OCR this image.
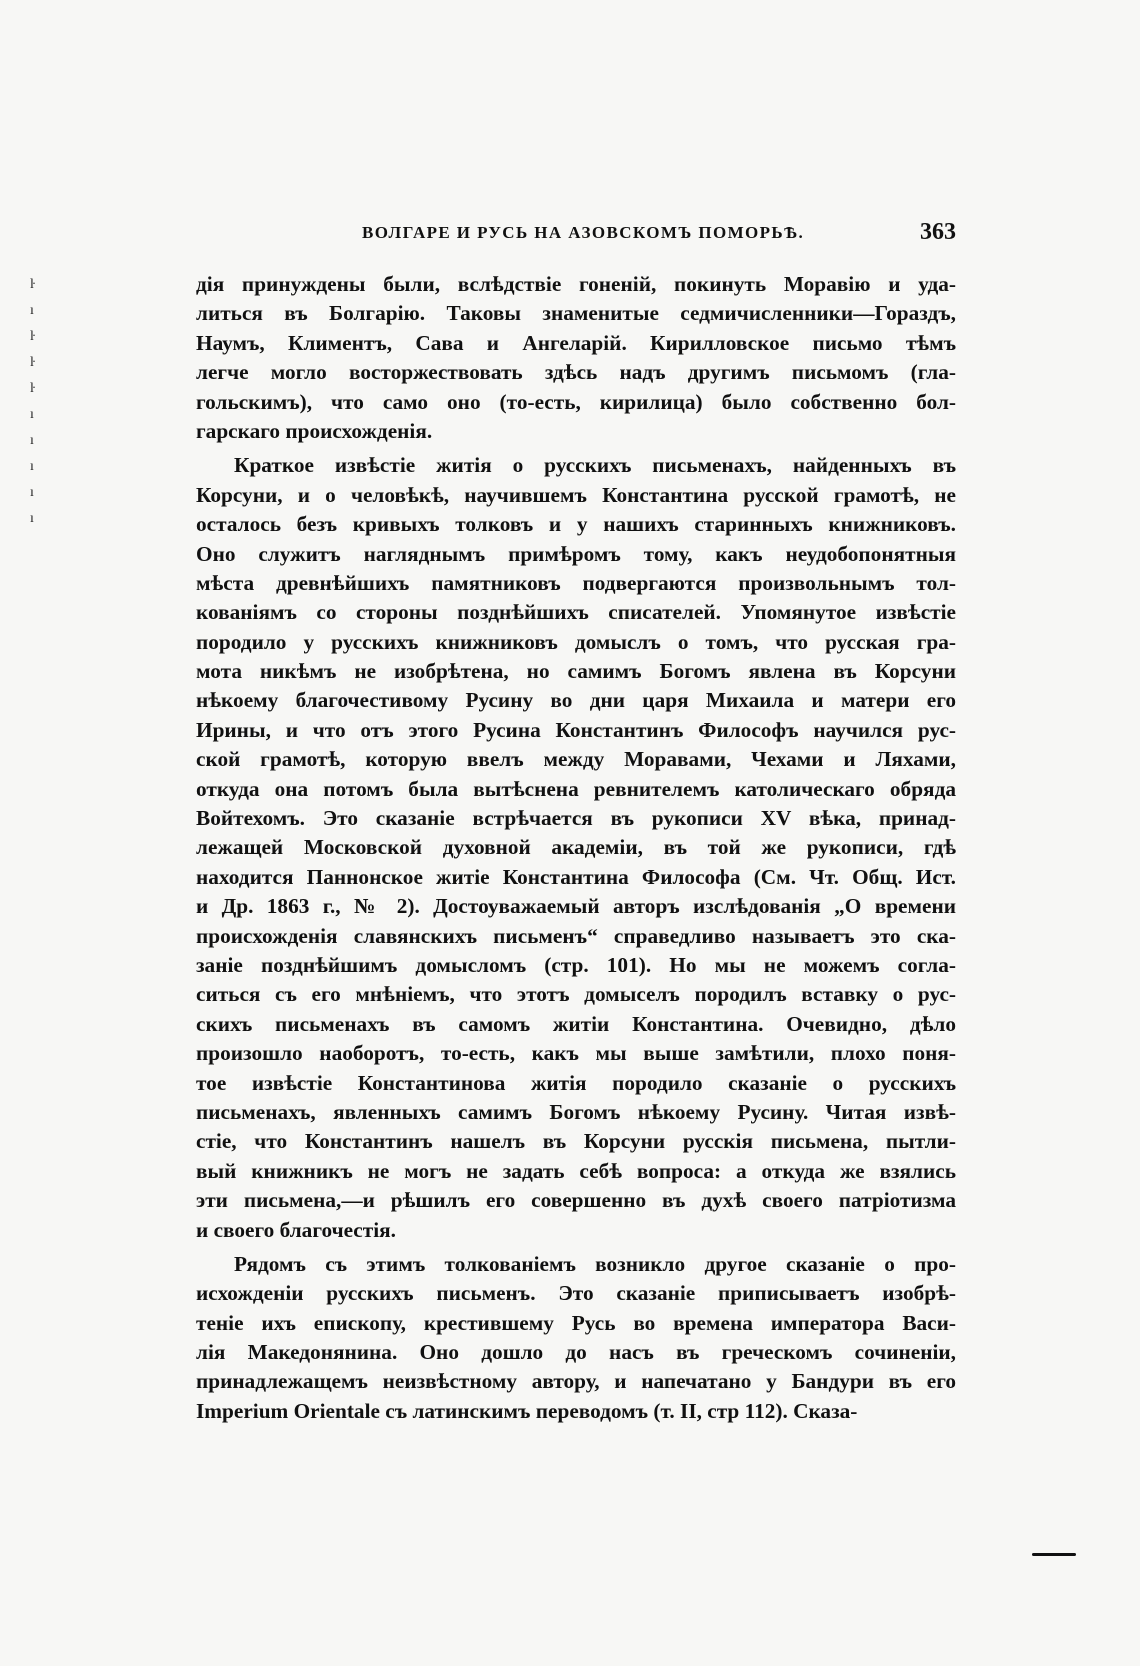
ŀ
ı
ŀ
ŀ
ŀ
ı
ı
ı
ı
ı
ВОЛГАРЕ И РУСЬ НА АЗОВСКОМЪ ПОМОРЬѢ.	363
дія принуждены были, вслѣдствіе гоненій, покинуть Моравію и уда-
литься въ Болгарію. Таковы знаменитые седмичисленники—Гораздъ,
Наумъ, Климентъ, Сава и Ангеларій. Кирилловское письмо тѣмъ
легче могло восторжествовать здѣсь надъ другимъ письмомъ (гла-
гольскимъ), что само оно (то-есть, кирилица) было собственно бол-
гарскаго происхожденія.
Краткое извѣстіе житія о русскихъ письменахъ, найденныхъ въ
Корсуни, и о человѣкѣ, научившемъ Константина русской грамотѣ, не
осталось безъ кривыхъ толковъ и у нашихъ старинныхъ книжниковъ.
Оно служитъ нагляднымъ примѣромъ тому, какъ неудобопонятныя
мѣста древнѣйшихъ памятниковъ подвергаются произвольнымъ тол-
кованіямъ со стороны позднѣйшихъ списателей. Упомянутое извѣстіе
породило у русскихъ книжниковъ домыслъ о томъ, что русская гра-
мота никѣмъ не изобрѣтена, но самимъ Богомъ явлена въ Корсуни
нѣкоему благочестивому Русину во дни царя Михаила и матери его
Ирины, и что отъ этого Русина Константинъ Философъ научился рус-
ской грамотѣ, которую ввелъ между Моравами, Чехами и Ляхами,
откуда она потомъ была вытѣснена ревнителемъ католическаго обряда
Войтехомъ. Это сказаніе встрѣчается въ рукописи XV вѣка, принад-
лежащей Московской духовной академіи, въ той же рукописи, гдѣ
находится Паннонское житіе Константина Философа (См. Чт. Общ. Ист.
и Др. 1863 г., № 2). Достоуважаемый авторъ изслѣдованія „О времени
происхожденія славянскихъ письменъ“ справедливо называетъ это ска-
заніе позднѣйшимъ домысломъ (стр. 101). Но мы не можемъ согла-
ситься съ его мнѣніемъ, что этотъ домыселъ породилъ вставку о рус-
скихъ письменахъ въ самомъ житіи Константина. Очевидно, дѣло
произошло наоборотъ, то-есть, какъ мы выше замѣтили, плохо поня-
тое извѣстіе Константинова житія породило сказаніе о русскихъ
письменахъ, явленныхъ самимъ Богомъ нѣкоему Русину. Читая извѣ-
стіе, что Константинъ нашелъ въ Корсуни русскія письмена, пытли-
вый книжникъ не могъ не задать себѣ вопроса: а откуда же взялись
эти письмена,—и рѣшилъ его совершенно въ духѣ своего патріотизма
и своего благочестія.
Рядомъ съ этимъ толкованіемъ возникло другое сказаніе о про-
исхожденіи русскихъ письменъ. Это сказаніе приписываетъ изобрѣ-
теніе ихъ епископу, крестившему Русь во времена императора Васи-
лія Македонянина. Оно дошло до насъ въ греческомъ сочиненіи,
принадлежащемъ неизвѣстному автору, и напечатано у Бандури въ его
Imperium Orientale съ латинскимъ переводомъ (т. II, стр 112). Сказа-
